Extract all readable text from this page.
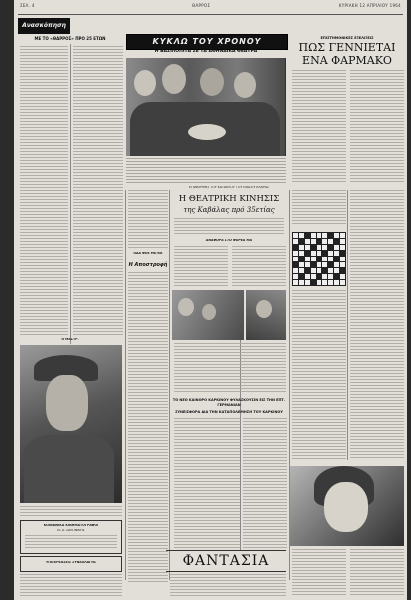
ΣΕΛ. 4	ΘΑΡΡΟΣ	ΚΥΡΙΑΚΗ 12 ΑΠΡΙΛΙΟΥ 1964
Ανασκόπηση
ΜΕ ΤΟ «ΘΑΡΡΟΣ» ΠΡΟ 25 ΕΤΩΝ
Ο ΜΑΣΤΡ.
ΚΟΙΝΩΝΙΚΑ ΚΙΝΗΜΑΤΟΓΡΑΦΟΙ
Ν. Α. ΣΑΛΟΝΙΚΗΣ
ΥΠΟΧΡΕΩΣΕΙΣ ΣΥΝΑΛΛΑΓΗΣ
ΚΥΚΛΩ ΤΟΥ ΧΡΟΝΟΥ
Η ΒΑΣΙΛΟΠΙΤΑ ΣΕ ΤΑ ΑΘΗΝΑΪΚΑ ΘΕΑΤΡΑ
ΕΠΙΣΤΗΜΟΝΙΚΕΣ ΕΞΕΛΙΞΕΙΣ
ΠΩΣ ΓΕΝΝΙΕΤΑΙ
ΕΝΑ ΦΑΡΜΑΚΟ
ΟΑΑ ΦΟΕ ΜΕ?ΕΚ
Η Αποστροφή
ΕΙ ΑΦΟΡΜΗΣ ΤΟΥ ΚΑΤΑΝΤΟΥ ΤΟΥ ΘΙΑΣΟΥ ΚΛΑΡΑΣ
Η ΘΕΑΤΡΙΚΗ ΚΙΝΗΣΙΣ
της Καβάλας πρό 35ετίας
ΑΝΑΦΟΡΑ ΣΤΟ ΦΟΡΕΑ ΜΑ
ΤΟ ΝΕΟ ΚΑΙΝΟΡΟ ΚΑΡΚΙΝΟΥ ΦΥΛΑΣΚΟΥΣΙΝ ΕΙΣ ΤΗΝ ΕΠΤ. ΓΕΡΜΑΝΙΑΝ
ΣΥΝΕΙΣΦΟΡΑ ΔΙΑ ΤΗΝ ΚΑΤΑΠΟΛΕΜΗΣΗ ΤΟΥ ΚΑΡΚΙΝΟΥ
ΦΑΝΤΑΣΙΑ
